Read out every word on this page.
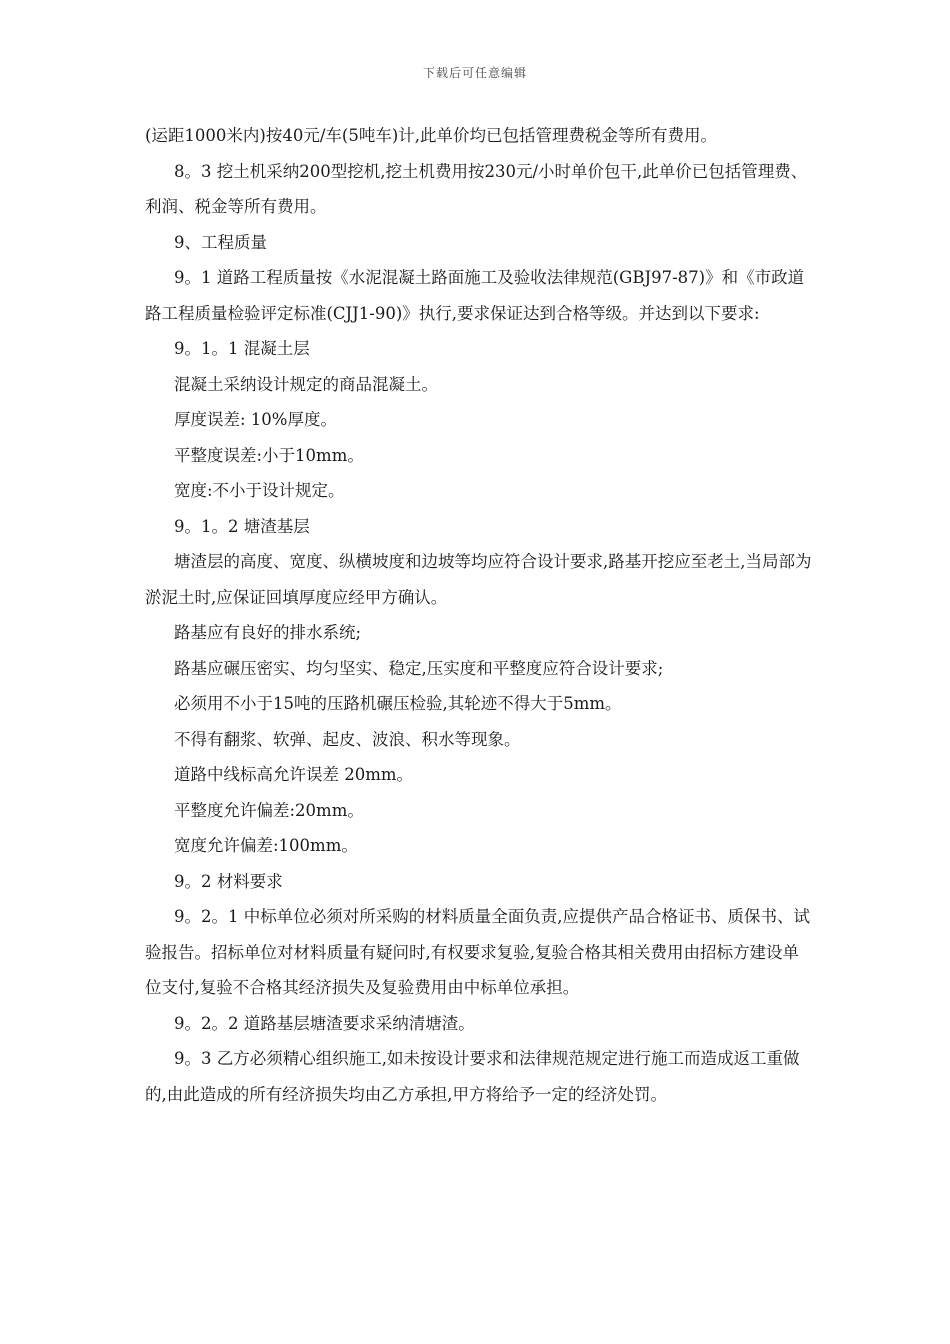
下载后可任意编辑

(运距1000米内)按40元/车(5吨车)计,此单价均已包括管理费税金等所有费用。

8。3 挖土机采纳200型挖机,挖土机费用按230元/小时单价包干,此单价已包括管理费、利润、税金等所有费用。

9、工程质量

9。1 道路工程质量按《水泥混凝土路面施工及验收法律规范(GBJ97-87)》和《市政道路工程质量检验评定标准(CJJ1-90)》执行,要求保证达到合格等级。并达到以下要求:

9。1。1 混凝土层

混凝土采纳设计规定的商品混凝土。

厚度误差: 10%厚度。

平整度误差:小于10mm。

宽度:不小于设计规定。

9。1。2 塘渣基层

塘渣层的高度、宽度、纵横坡度和边坡等均应符合设计要求,路基开挖应至老土,当局部为淤泥土时,应保证回填厚度应经甲方确认。

路基应有良好的排水系统;

路基应碾压密实、均匀坚实、稳定,压实度和平整度应符合设计要求;

必须用不小于15吨的压路机碾压检验,其轮迹不得大于5mm。

不得有翻浆、软弹、起皮、波浪、积水等现象。

道路中线标高允许误差 20mm。

平整度允许偏差:20mm。

宽度允许偏差:100mm。

9。2 材料要求

9。2。1 中标单位必须对所采购的材料质量全面负责,应提供产品合格证书、质保书、试验报告。招标单位对材料质量有疑问时,有权要求复验,复验合格其相关费用由招标方建设单位支付,复验不合格其经济损失及复验费用由中标单位承担。

9。2。2 道路基层塘渣要求采纳清塘渣。

9。3 乙方必须精心组织施工,如未按设计要求和法律规范规定进行施工而造成返工重做的,由此造成的所有经济损失均由乙方承担,甲方将给予一定的经济处罚。
